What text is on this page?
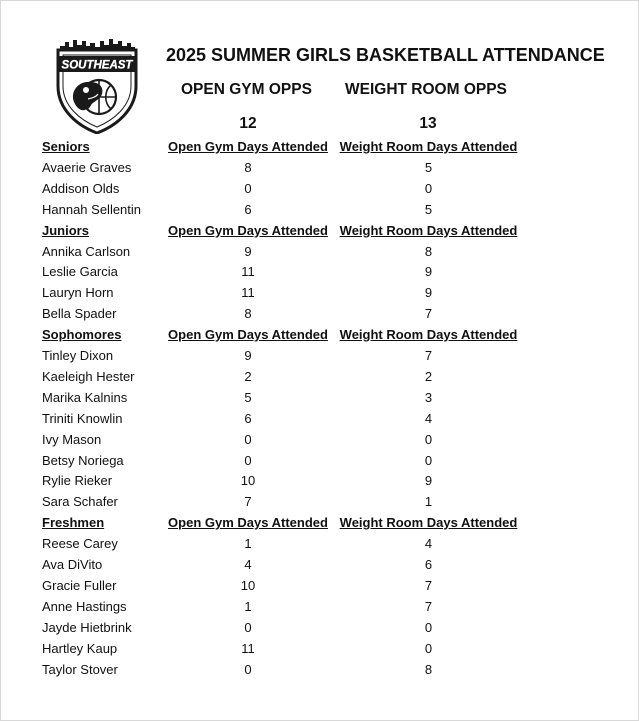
SOUTHEAST
2025 SUMMER GIRLS BASKETBALL ATTENDANCE
OPEN GYM OPPS WEIGHT ROOM OPPS
12	13
Seniors	Open Gym Days Attended Weight Room Days Attended
Avaerie Graves	8	5
Addison Olds	0	0
Hannah Sellentin	6	5
Juniors	Open Gym Days Attended Weight Room Days Attended
Annika Carlson	9	8
Leslie Garcia	11	9
Lauryn Horn	11	9
Bella Spader	8	7
Sophomores	Open Gym Days Attended Weight Room Days Attended
Tinley Dixon	9	7
Kaeleigh Hester	2	2
Marika Kalnins	5	3
Triniti Knowlin	6	4
Ivy Mason	0	0
Betsy Noriega	0	0
Rylie Rieker	10	9
Sara Schafer	7	1
Freshmen	Open Gym Days Attended Weight Room Days Attended
Reese Carey	1	4
Ava DiVito	4	6
Gracie Fuller	10	7
Anne Hastings	1	7
Jayde Hietbrink	0	0
Hartley Kaup	11	0
Taylor Stover	0	8
